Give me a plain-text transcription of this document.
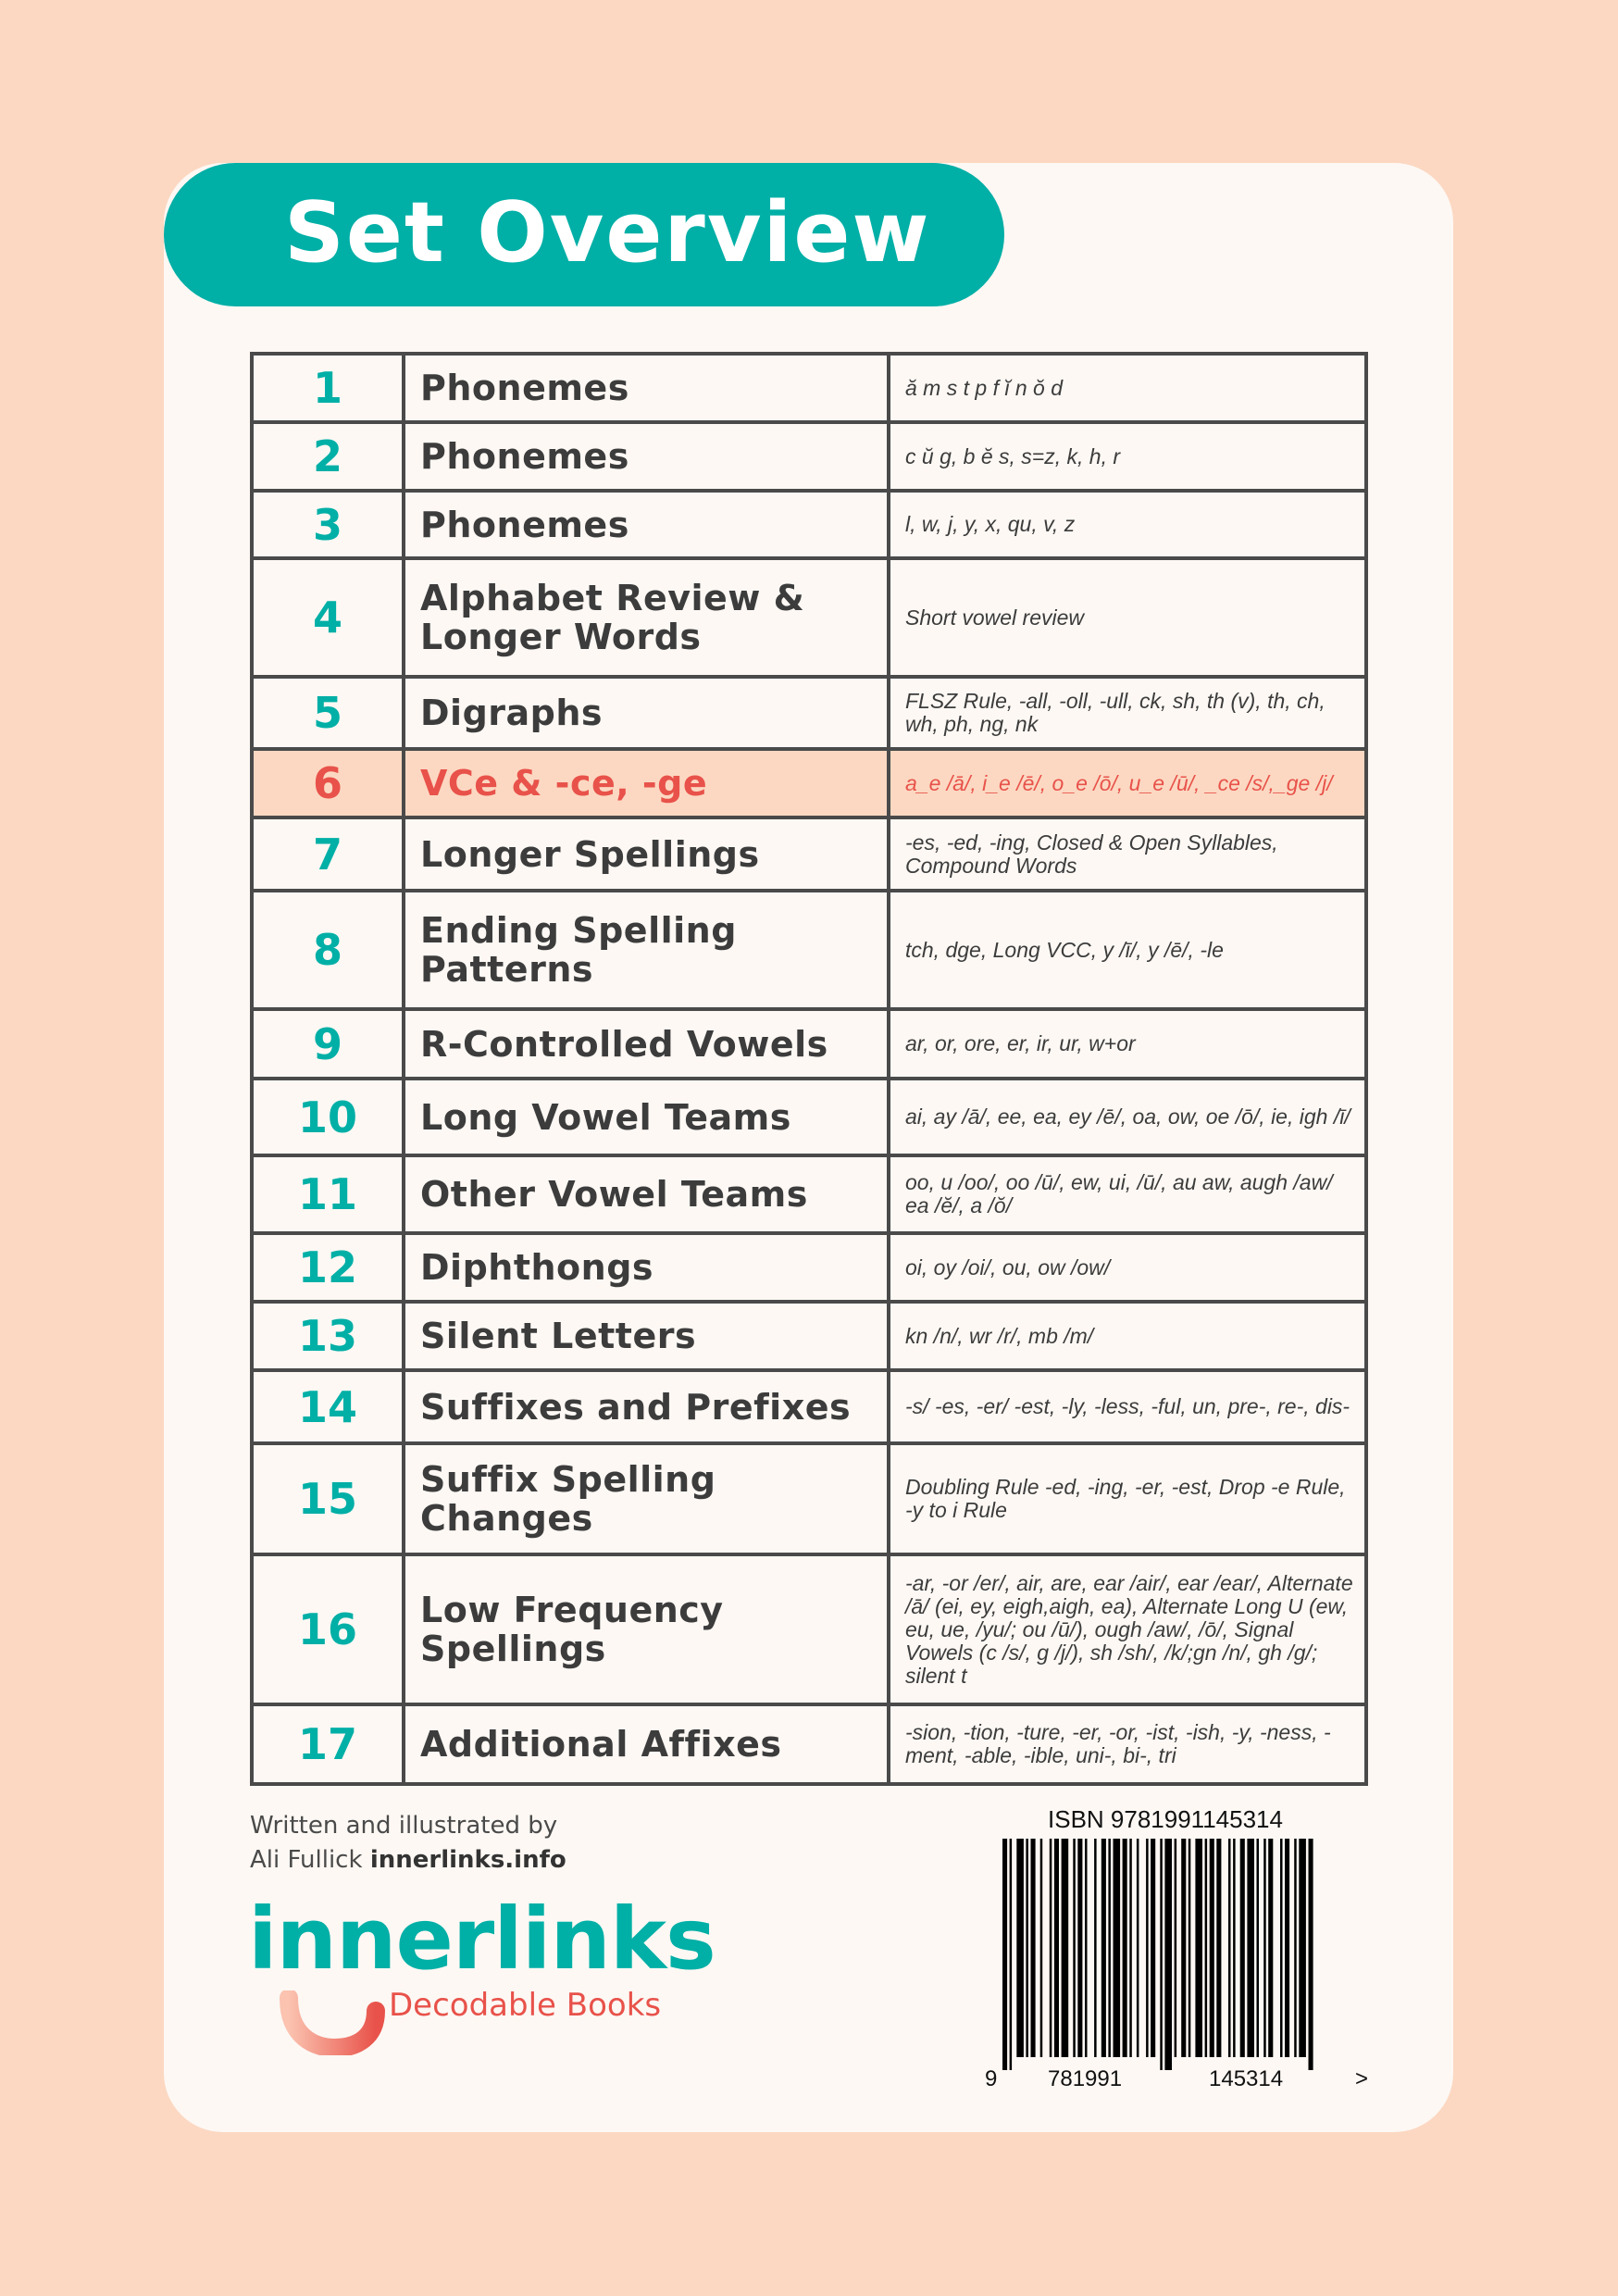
Set Overview
1	Phonemes	ă m s t p f ĭ n ŏ d
2	Phonemes	c ŭ g, b ĕ s, s=z, k, h, r
3	Phonemes	l, w, j, y, x, qu, v, z
4	Alphabet Review & Longer Words	Short vowel review
5	Digraphs	FLSZ Rule, -all, -oll, -ull, ck, sh, th (v), th, ch, wh, ph, ng, nk
6	VCe & -ce, -ge	a_e /ā/, i_e /ē/, o_e /ō/, u_e /ū/, _ce /s/,_ge /j/
7	Longer Spellings	-es, -ed, -ing, Closed & Open Syllables, Compound Words
8	Ending Spelling Patterns	tch, dge, Long VCC, y /ī/, y /ē/, -le
9	R-Controlled Vowels	ar, or, ore, er, ir, ur, w+or
10	Long Vowel Teams	ai, ay /ā/, ee, ea, ey /ē/, oa, ow, oe /ō/, ie, igh /ī/
11	Other Vowel Teams	oo, u /oo/, oo /ū/, ew, ui, /ū/, au aw, augh /aw/ ea /ĕ/, a /ŏ/
12	Diphthongs	oi, oy /oi/, ou, ow /ow/
13	Silent Letters	kn /n/, wr /r/, mb /m/
14	Suffixes and Prefixes	-s/ -es, -er/ -est, -ly, -less, -ful, un, pre-, re-, dis-
15	Suffix Spelling Changes	Doubling Rule -ed, -ing, -er, -est, Drop -e Rule, -y to i Rule
16	Low Frequency Spellings	-ar, -or /er/, air, are, ear /air/, ear /ear/, Alternate /ā/ (ei, ey, eigh,aigh, ea), Alternate Long U (ew, eu, ue, /yu/; ou /ū/), ough /aw/, /ō/, Signal Vowels (c /s/, g /j/), sh /sh/, /k/;gn /n/, gh /g/; silent t
17	Additional Affixes	-sion, -tion, -ture, -er, -or, -ist, -ish, -y, -ness, -ment, -able, -ible, uni-, bi-, tri
Written and illustrated by
Ali Fullick innerlinks.info
innerlinks
Decodable Books
ISBN 9781991145314
9 781991	145314	>
